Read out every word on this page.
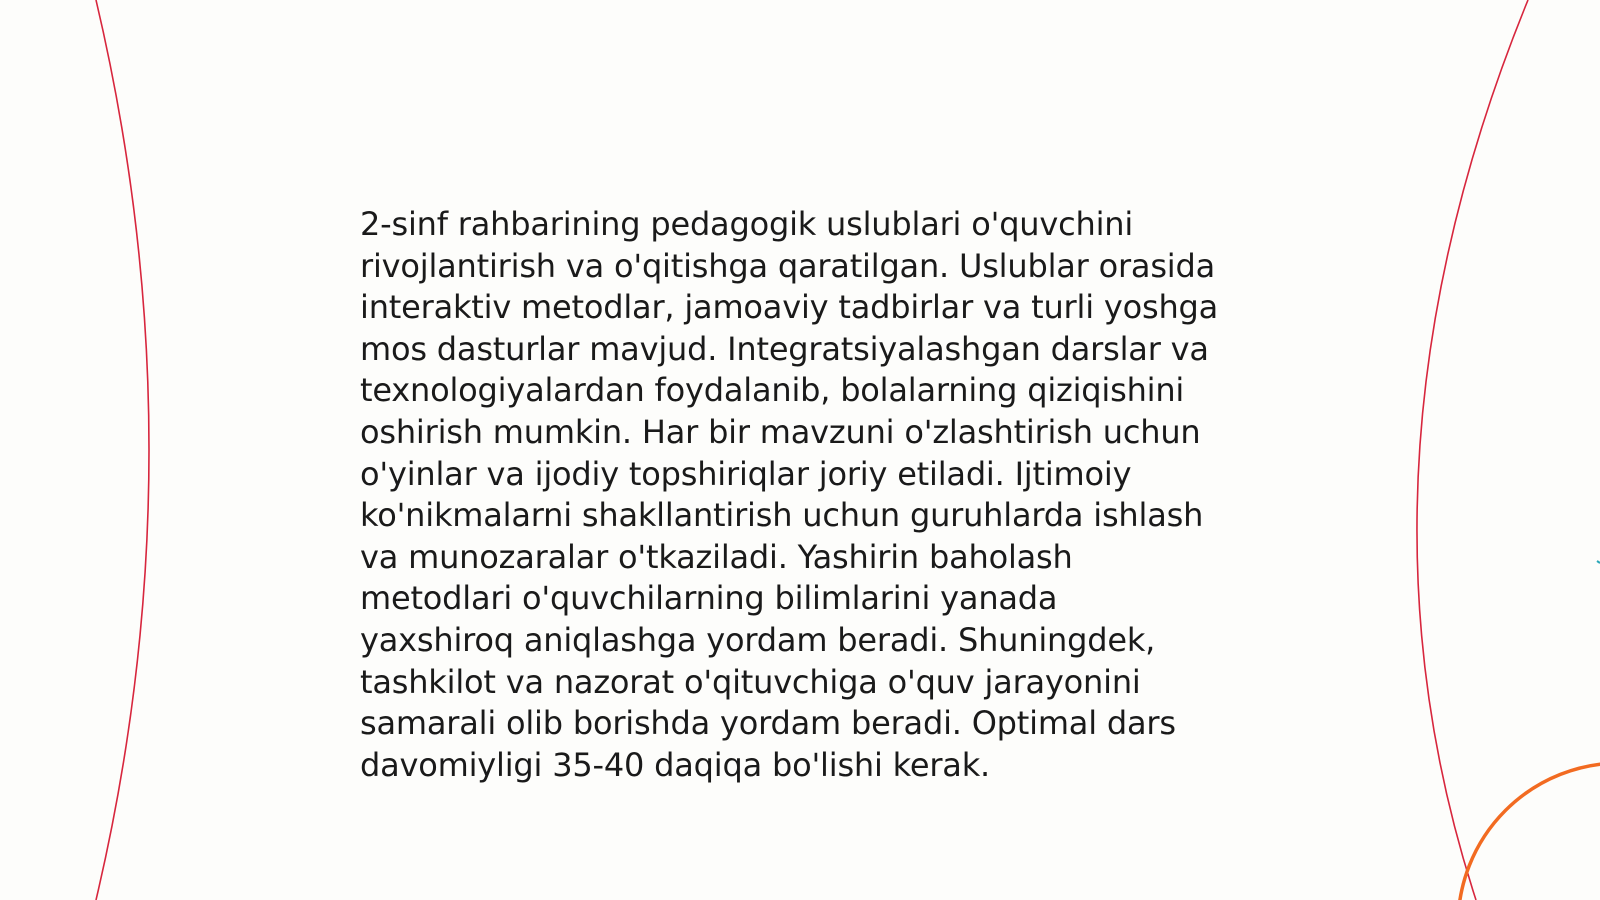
2-sinf rahbarining pedagogik uslublari o'quvchini
rivojlantirish va o'qitishga qaratilgan. Uslublar orasida
interaktiv metodlar, jamoaviy tadbirlar va turli yoshga
mos dasturlar mavjud. Integratsiyalashgan darslar va
texnologiyalardan foydalanib, bolalarning qiziqishini
oshirish mumkin. Har bir mavzuni o'zlashtirish uchun
o'yinlar va ijodiy topshiriqlar joriy etiladi. Ijtimoiy
ko'nikmalarni shakllantirish uchun guruhlarda ishlash
va munozaralar o'tkaziladi. Yashirin baholash
metodlari o'quvchilarning bilimlarini yanada
yaxshiroq aniqlashga yordam beradi. Shuningdek,
tashkilot va nazorat o'qituvchiga o'quv jarayonini
samarali olib borishda yordam beradi. Optimal dars
davomiyligi 35-40 daqiqa bo'lishi kerak.
